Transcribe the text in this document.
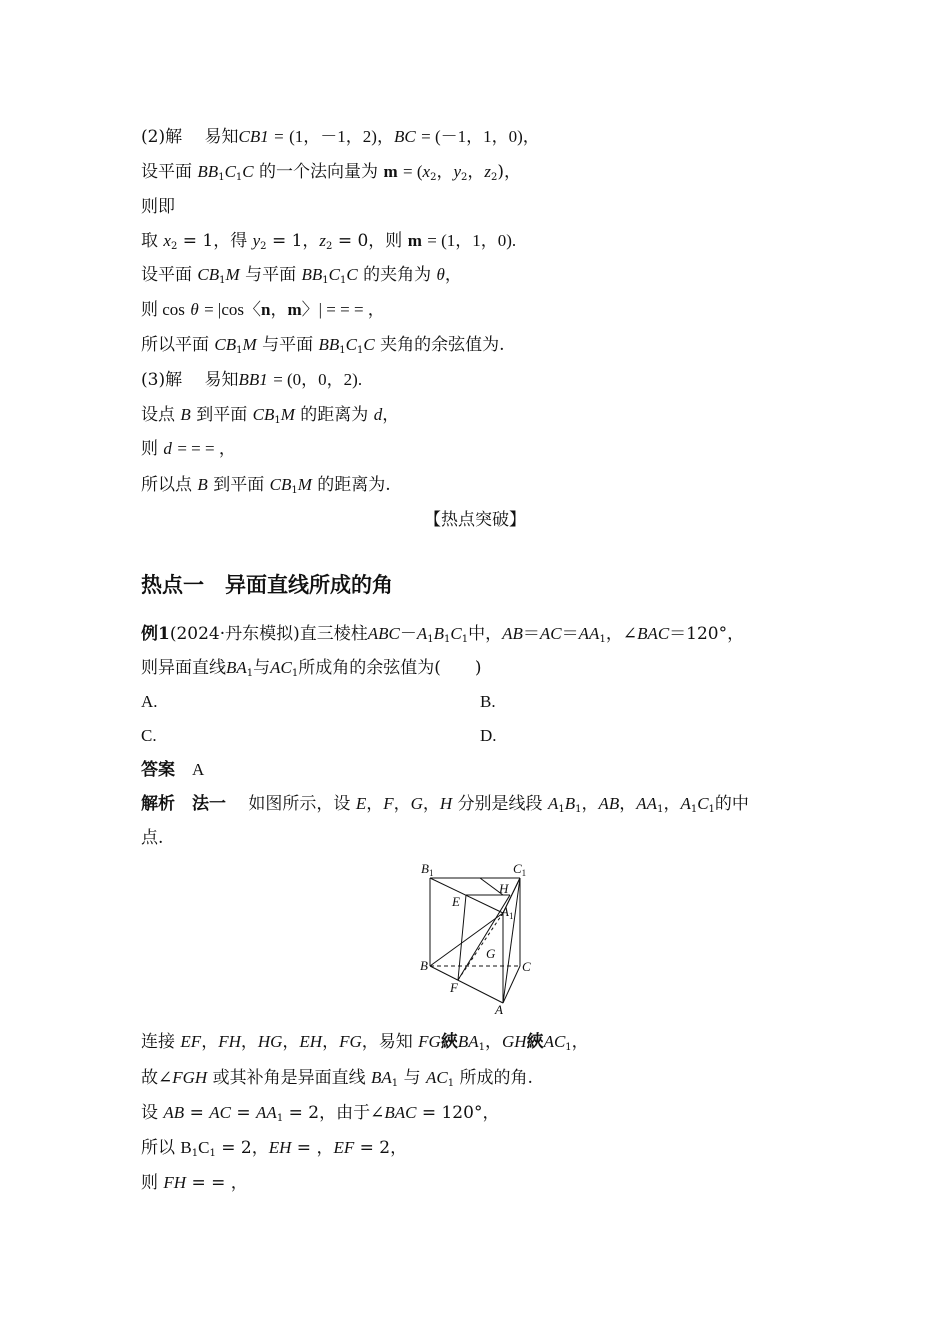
(2)解　 易知CB1 = (1，－1，2)，BC = (－1，1，0)，
设平面 $BB_1C_1C$ 的一个法向量为 $m = (x_2$，$y_2$，$z_2$)，
则即
取 $x_2 = 1$，得 $y_2 = 1$，$z_2 = 0$，则 m = (1，1，0).
设平面 $CB_1M$ 与平面 $BB_1C_1C$ 的夹角为 θ，
则 cos θ = |cos〈n，m〉| = = = ，
所以平面 $CB_1M$ 与平面 $BB_1C_1C$ 夹角的余弦值为.
(3)解　 易知BB1 = (0，0，2).
设点 B 到平面 $CB_1M$ 的距离为 d，
则 d = = = ，
所以点 B 到平面 $CB_1M$ 的距离为.
【热点突破】
热点一　异面直线所成的角
例1(2024·丹东模拟)直三棱柱$ABC-A_1B_1C_1$中，$AB=AC=AA_1$，∠BAC＝120°，
则异面直线$BA_1$与$AC_1$所成角的余弦值为(　　)
A.	B.
C.	D.
答案　 A
解析　 法一　 如图所示，设 E，F，G，H 分别是线段 $A_1B_1$，AB，$AA_1$，$A_1C_1$的中
点.
$B_1$	$C_1$
H
E
$A_1$
G
B	C
F
A
连接 EF，FH，HG，EH，FG，易知 FG綊$BA_1$，GH綊$AC_1$，
故∠FGH 或其补角是异面直线 $BA_1$ 与 $AC_1$ 所成的角.
设 AB = AC = $AA_1 = 2$，由于∠BAC = 120°，
所以 $B_1C_1 = 2$，EH = ，EF = 2，
则 FH = = ，
